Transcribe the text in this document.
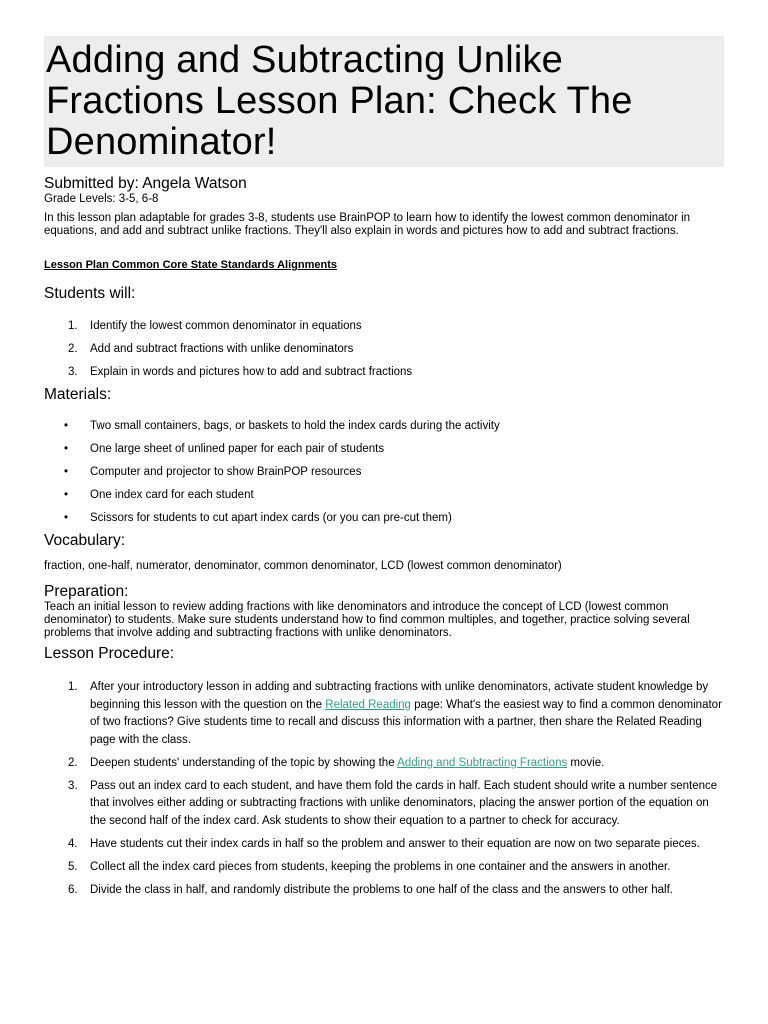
Adding and Subtracting Unlike Fractions Lesson Plan: Check The Denominator!
Submitted by: Angela Watson
Grade Levels: 3-5, 6-8

In this lesson plan adaptable for grades 3-8, students use BrainPOP to learn how to identify the lowest common denominator in equations, and add and subtract unlike fractions. They'll also explain in words and pictures how to add and subtract fractions.

Lesson Plan Common Core State Standards Alignments
Students will:
1. Identify the lowest common denominator in equations
2. Add and subtract fractions with unlike denominators
3. Explain in words and pictures how to add and subtract fractions
Materials:
• Two small containers, bags, or baskets to hold the index cards during the activity
• One large sheet of unlined paper for each pair of students
• Computer and projector to show BrainPOP resources
• One index card for each student
• Scissors for students to cut apart index cards (or you can pre-cut them)
Vocabulary:
fraction, one-half, numerator, denominator, common denominator, LCD (lowest common denominator)
Preparation:
Teach an initial lesson to review adding fractions with like denominators and introduce the concept of LCD (lowest common denominator) to students. Make sure students understand how to find common multiples, and together, practice solving several problems that involve adding and subtracting fractions with unlike denominators.
Lesson Procedure:
1. After your introductory lesson in adding and subtracting fractions with unlike denominators, activate student knowledge by beginning this lesson with the question on the Related Reading page: What's the easiest way to find a common denominator of two fractions? Give students time to recall and discuss this information with a partner, then share the Related Reading page with the class.
2. Deepen students' understanding of the topic by showing the Adding and Subtracting Fractions movie.
3. Pass out an index card to each student, and have them fold the cards in half. Each student should write a number sentence that involves either adding or subtracting fractions with unlike denominators, placing the answer portion of the equation on the second half of the index card. Ask students to show their equation to a partner to check for accuracy.
4. Have students cut their index cards in half so the problem and answer to their equation are now on two separate pieces.
5. Collect all the index card pieces from students, keeping the problems in one container and the answers in another.
6. Divide the class in half, and randomly distribute the problems to one half of the class and the answers to other half.
